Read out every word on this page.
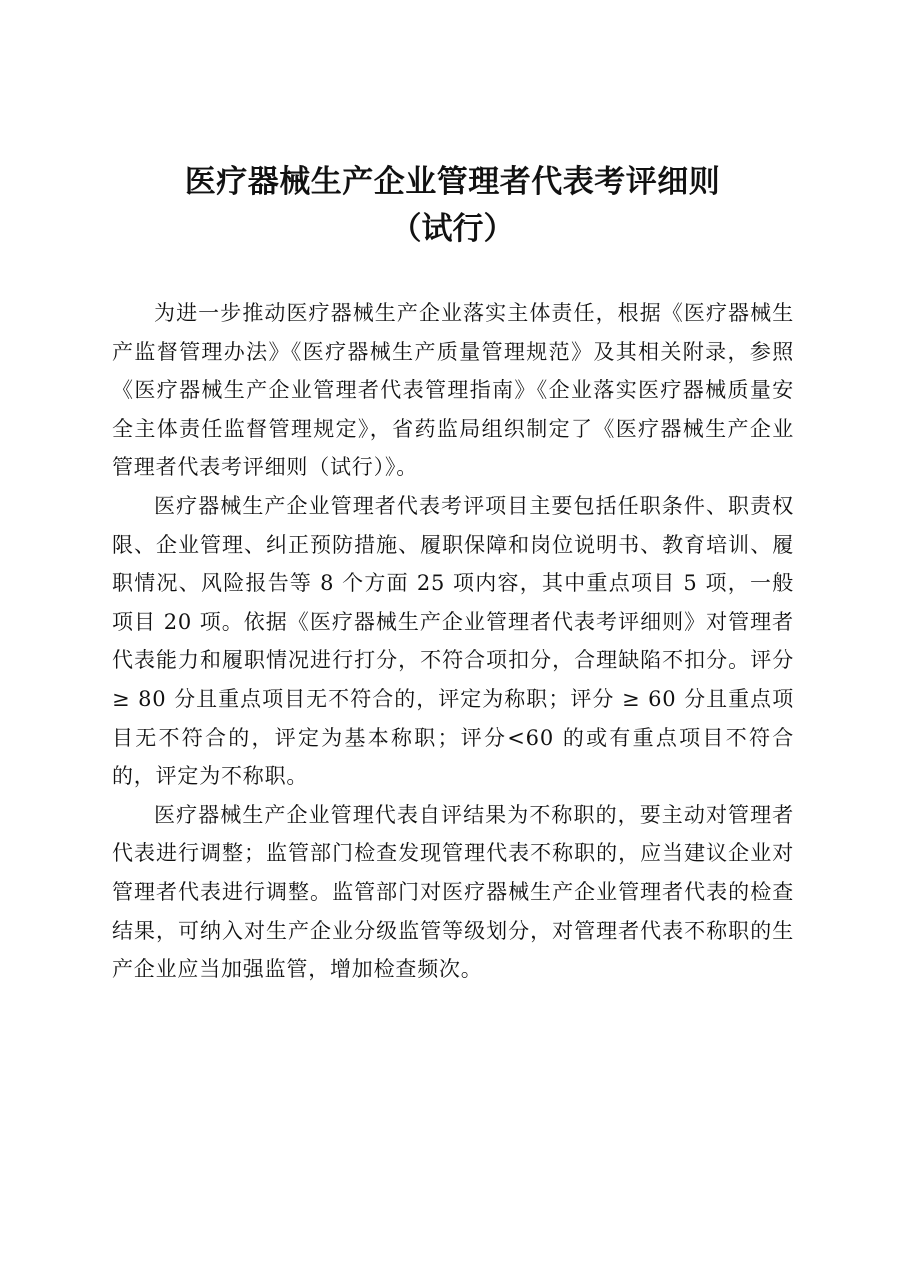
医疗器械生产企业管理者代表考评细则
（试行）

为进一步推动医疗器械生产企业落实主体责任，根据《医疗器械生产监督管理办法》《医疗器械生产质量管理规范》及其相关附录，参照《医疗器械生产企业管理者代表管理指南》《企业落实医疗器械质量安全主体责任监督管理规定》，省药监局组织制定了《医疗器械生产企业管理者代表考评细则（试行）》。

医疗器械生产企业管理者代表考评项目主要包括任职条件、职责权限、企业管理、纠正预防措施、履职保障和岗位说明书、教育培训、履职情况、风险报告等 8 个方面 25 项内容，其中重点项目 5 项，一般项目 20 项。依据《医疗器械生产企业管理者代表考评细则》对管理者代表能力和履职情况进行打分，不符合项扣分，合理缺陷不扣分。评分 ≥ 80 分且重点项目无不符合的，评定为称职；评分 ≥ 60 分且重点项目无不符合的，评定为基本称职；评分<60 的或有重点项目不符合的，评定为不称职。

医疗器械生产企业管理代表自评结果为不称职的，要主动对管理者代表进行调整；监管部门检查发现管理代表不称职的，应当建议企业对管理者代表进行调整。监管部门对医疗器械生产企业管理者代表的检查结果，可纳入对生产企业分级监管等级划分，对管理者代表不称职的生产企业应当加强监管，增加检查频次。
